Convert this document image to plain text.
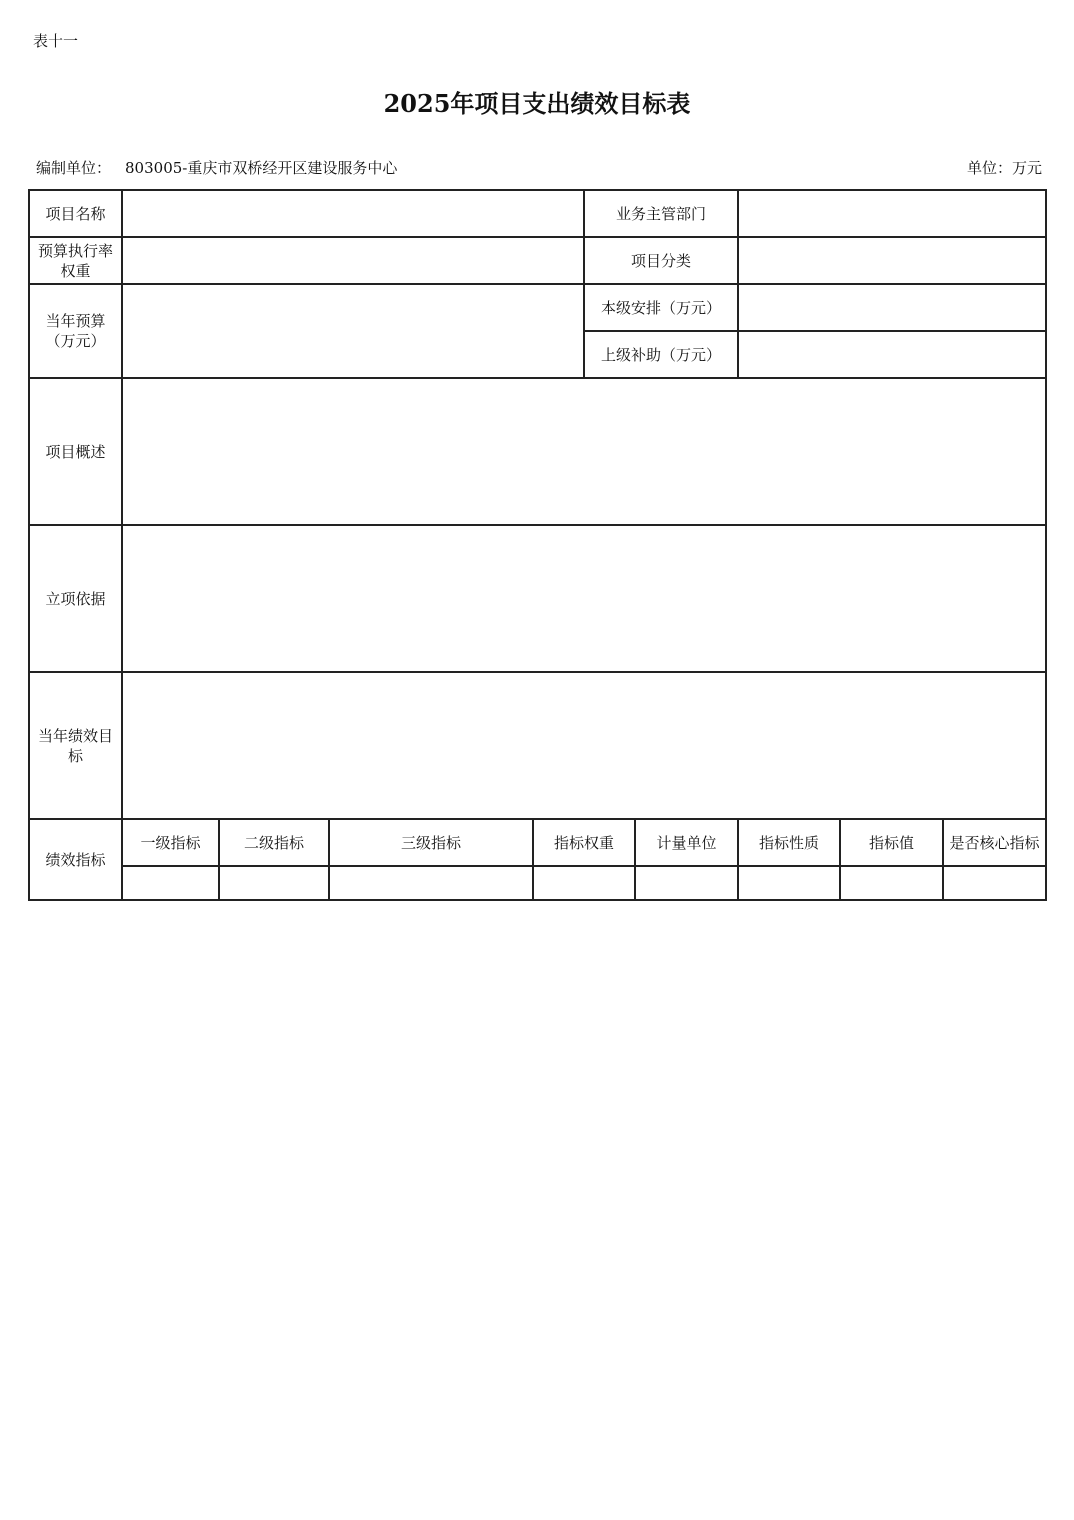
表十一
2025年项目支出绩效目标表
编制单位： 803005-重庆市双桥经开区建设服务中心	单位：万元
项目名称					业务主管部门				
预算执行率权重					项目分类				
当年预算（万元）					本级安排（万元）				
					上级补助（万元）				
项目概述									
立项依据									
当年绩效目标									
绩效指标	一级指标	二级指标	三级指标	指标权重		计量单位	指标性质	指标值	是否核心指标
